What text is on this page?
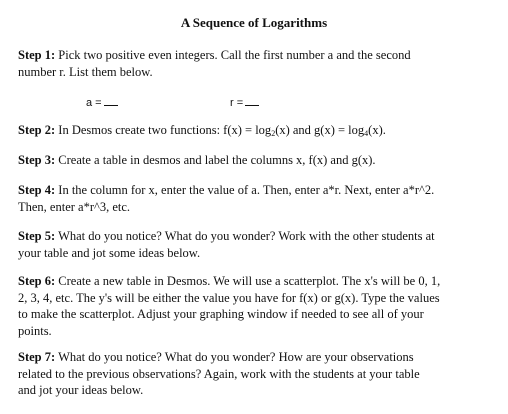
A Sequence of Logarithms
Step 1: Pick two positive even integers. Call the first number a and the second
number r. List them below.
a =	r =
Step 2: In Desmos create two functions: $f(x) = \log_2(x)$ and $g(x) = \log_4(x)$.
Step 3: Create a table in desmos and label the columns x, f(x) and g(x).
Step 4: In the column for x, enter the value of a. Then, enter a*r. Next, enter a*r^2.
Then, enter a*r^3, etc.
Step 5: What do you notice? What do you wonder? Work with the other students at
your table and jot some ideas below.
Step 6: Create a new table in Desmos. We will use a scatterplot. The x's will be 0, 1,
2, 3, 4, etc. The y's will be either the value you have for f(x) or g(x). Type the values
to make the scatterplot. Adjust your graphing window if needed to see all of your
points.
Step 7: What do you notice? What do you wonder? How are your observations
related to the previous observations? Again, work with the students at your table
and jot your ideas below.
